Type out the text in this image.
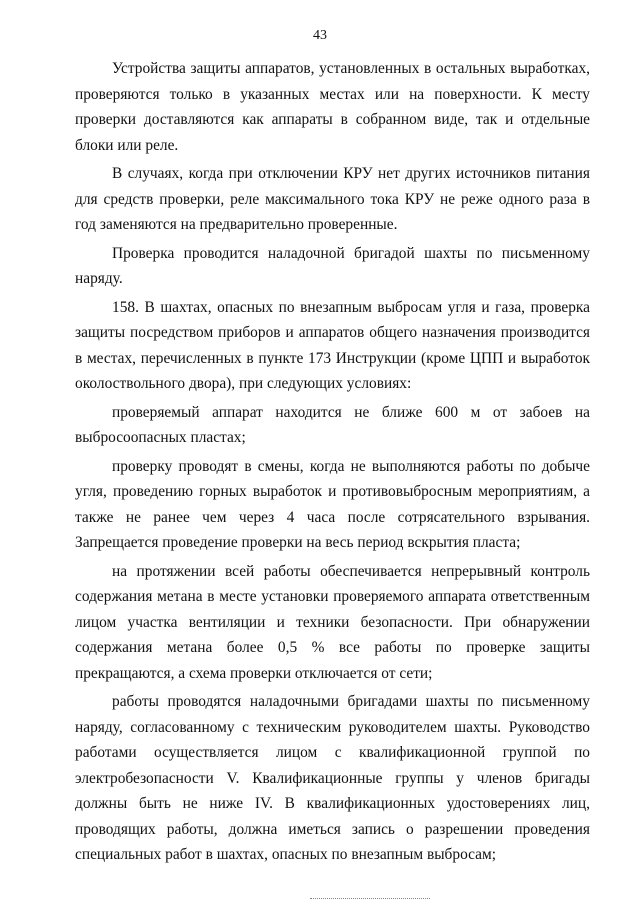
43

Устройства защиты аппаратов, установленных в остальных выработках, проверяются только в указанных местах или на поверхности. К месту проверки доставляются как аппараты в собранном виде, так и отдельные блоки или реле.

В случаях, когда при отключении КРУ нет других источников питания для средств проверки, реле максимального тока КРУ не реже одного раза в год заменяются на предварительно проверенные.

Проверка проводится наладочной бригадой шахты по письменному наряду.

158. В шахтах, опасных по внезапным выбросам угля и газа, проверка защиты посредством приборов и аппаратов общего назначения производится в местах, перечисленных в пункте 173 Инструкции (кроме ЦПП и выработок околоствольного двора), при следующих условиях:

проверяемый аппарат находится не ближе 600 м от забоев на выбросоопасных пластах;

проверку проводят в смены, когда не выполняются работы по добыче угля, проведению горных выработок и противовыбросным мероприятиям, а также не ранее чем через 4 часа после сотрясательного взрывания. Запрещается проведение проверки на весь период вскрытия пласта;

на протяжении всей работы обеспечивается непрерывный контроль содержания метана в месте установки проверяемого аппарата ответственным лицом участка вентиляции и техники безопасности. При обнаружении содержания метана более 0,5 % все работы по проверке защиты прекращаются, а схема проверки отключается от сети;

работы проводятся наладочными бригадами шахты по письменному наряду, согласованному с техническим руководителем шахты. Руководство работами осуществляется лицом с квалификационной группой по электробезопасности V. Квалификационные группы у членов бригады должны быть не ниже IV. В квалификационных удостоверениях лиц, проводящих работы, должна иметься запись о разрешении проведения специальных работ в шахтах, опасных по внезапным выбросам;
